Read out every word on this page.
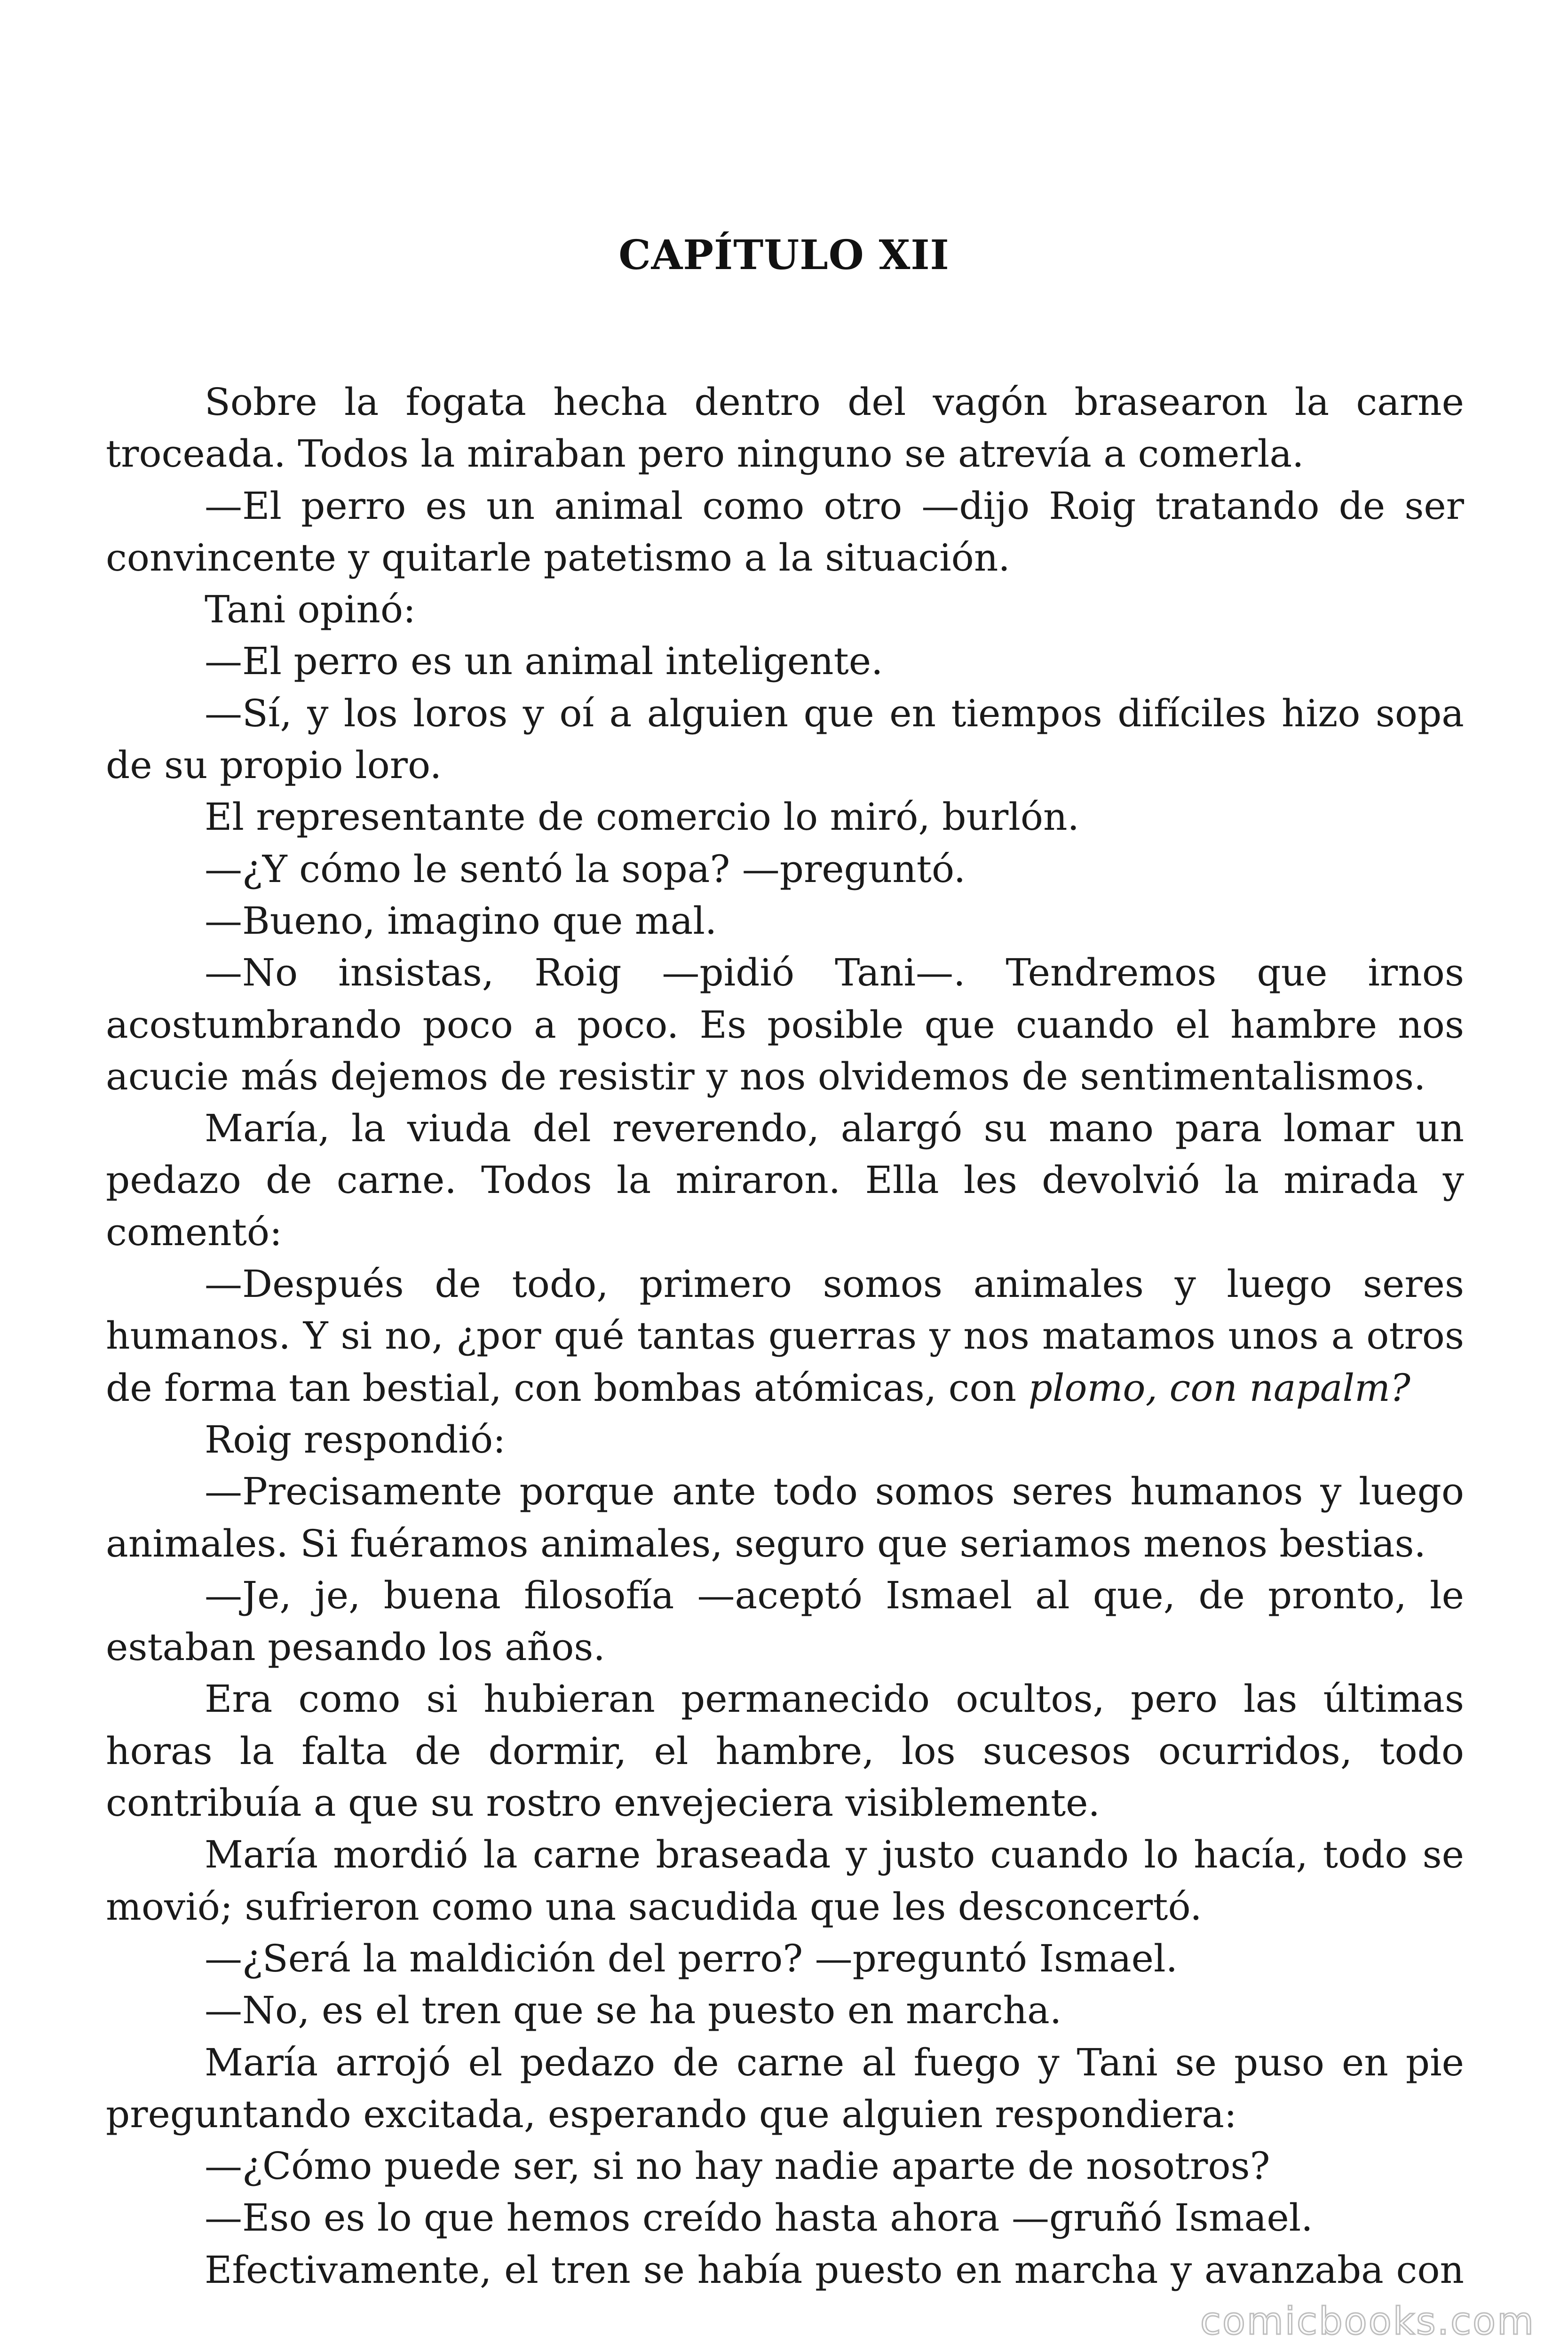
CAPÍTULO XII

Sobre la fogata hecha dentro del vagón brasearon la carne troceada. Todos la miraban pero ninguno se atrevía a comerla.

—El perro es un animal como otro —dijo Roig tratando de ser convincente y quitarle patetismo a la situación.

Tani opinó:

—El perro es un animal inteligente.

—Sí, y los loros y oí a alguien que en tiempos difíciles hizo sopa de su propio loro.

El representante de comercio lo miró, burlón.

—¿Y cómo le sentó la sopa? —preguntó.

—Bueno, imagino que mal.

—No insistas, Roig —pidió Tani—. Tendremos que irnos acostumbrando poco a poco. Es posible que cuando el hambre nos acucie más dejemos de resistir y nos olvidemos de sentimentalismos.

María, la viuda del reverendo, alargó su mano para lomar un pedazo de carne. Todos la miraron. Ella les devolvió la mirada y comentó:

—Después de todo, primero somos animales y luego seres humanos. Y si no, ¿por qué tantas guerras y nos matamos unos a otros de forma tan bestial, con bombas atómicas, con plomo, con napalm?

Roig respondió:

—Precisamente porque ante todo somos seres humanos y luego animales. Si fuéramos animales, seguro que seriamos menos bestias.

—Je, je, buena filosofía —aceptó Ismael al que, de pronto, le estaban pesando los años.

Era como si hubieran permanecido ocultos, pero las últimas horas la falta de dormir, el hambre, los sucesos ocurridos, todo contribuía a que su rostro envejeciera visiblemente.

María mordió la carne braseada y justo cuando lo hacía, todo se movió; sufrieron como una sacudida que les desconcertó.

—¿Será la maldición del perro? —preguntó Ismael.

—No, es el tren que se ha puesto en marcha.

María arrojó el pedazo de carne al fuego y Tani se puso en pie preguntando excitada, esperando que alguien respondiera:

—¿Cómo puede ser, si no hay nadie aparte de nosotros?

—Eso es lo que hemos creído hasta ahora —gruñó Ismael.

Efectivamente, el tren se había puesto en marcha y avanzaba con

comicbooks.com
